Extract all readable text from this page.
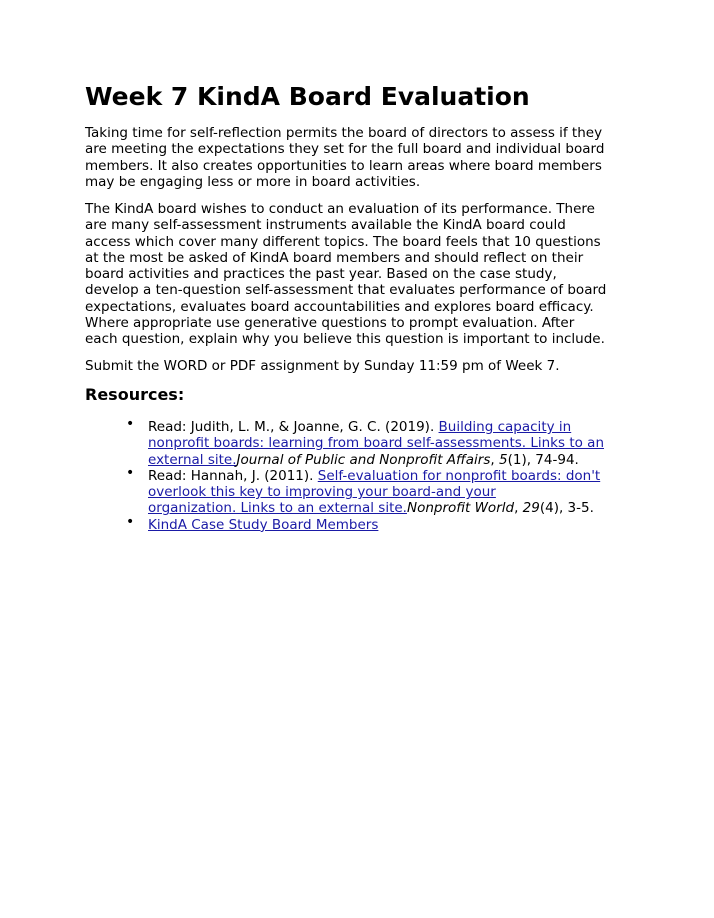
Week 7 KindA Board Evaluation
Taking time for self-reflection permits the board of directors to assess if they
are meeting the expectations they set for the full board and individual board
members. It also creates opportunities to learn areas where board members
may be engaging less or more in board activities.
The KindA board wishes to conduct an evaluation of its performance. There
are many self-assessment instruments available the KindA board could
access which cover many different topics. The board feels that 10 questions
at the most be asked of KindA board members and should reflect on their
board activities and practices the past year. Based on the case study,
develop a ten-question self-assessment that evaluates performance of board
expectations, evaluates board accountabilities and explores board efficacy.
Where appropriate use generative questions to prompt evaluation. After
each question, explain why you believe this question is important to include.
Submit the WORD or PDF assignment by Sunday 11:59 pm of Week 7.
Resources:
• Read: Judith, L. M., & Joanne, G. C. (2019). Building capacity in
nonprofit boards: learning from board self-assessments. Links to an
external site.Journal of Public and Nonprofit Affairs, 5(1), 74-94.
• Read: Hannah, J. (2011). Self-evaluation for nonprofit boards: don't
overlook this key to improving your board-and your
organization. Links to an external site.Nonprofit World, 29(4), 3-5.
• KindA Case Study Board Members
